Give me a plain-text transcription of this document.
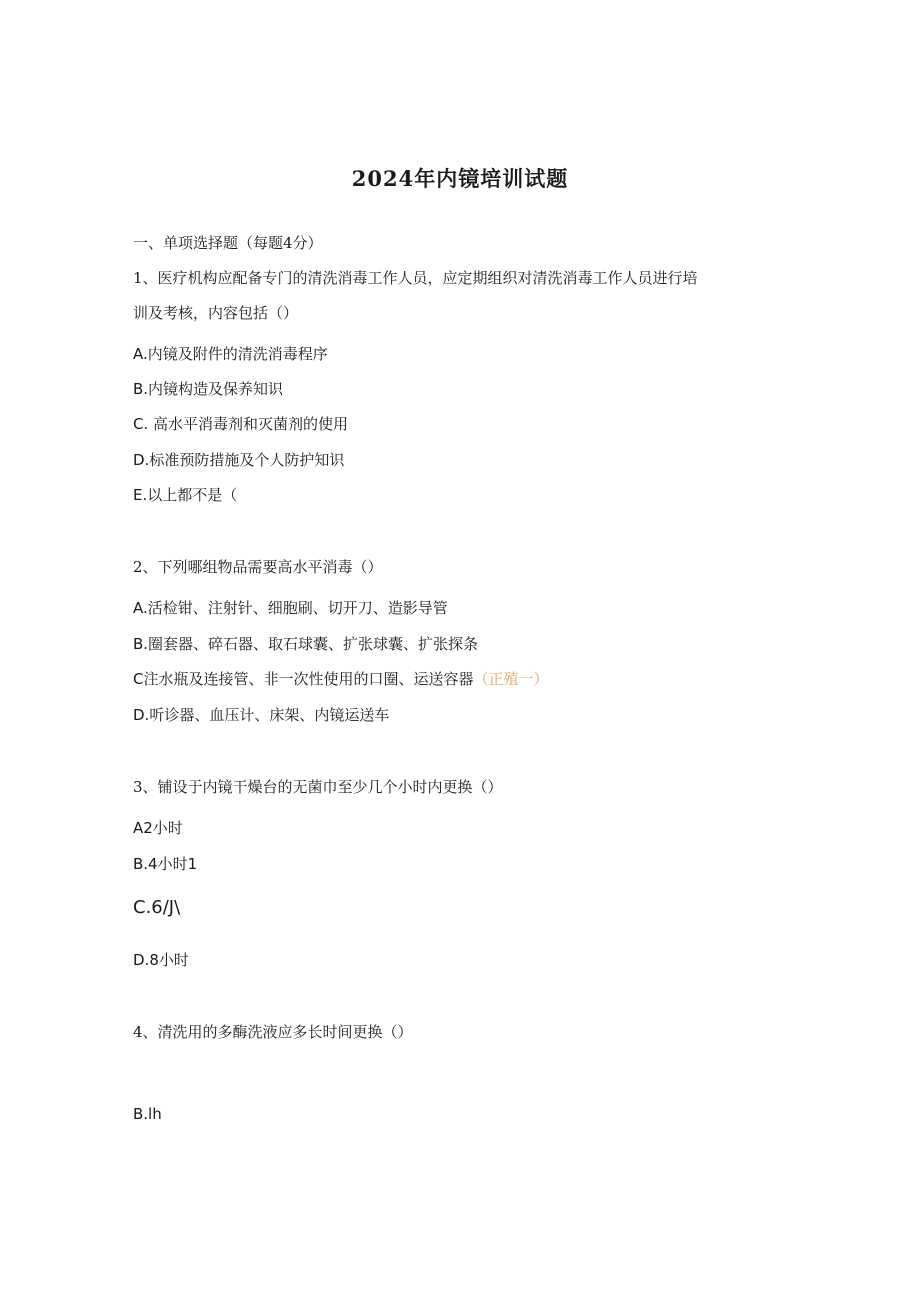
2024年内镜培训试题
一、单项选择题（每题4分）
1、医疗机构应配备专门的清洗消毒工作人员，应定期组织对清洗消毒工作人员进行培
训及考核，内容包括（）
A.内镜及附件的清洗消毒程序
B.内镜构造及保养知识
C. 高水平消毒剂和灭菌剂的使用
D.标准预防措施及个人防护知识
E.以上都不是（
2、下列哪组物品需要高水平消毒（）
A.活检钳、注射针、细胞刷、切开刀、造影导管
B.圈套器、碎石器、取石球囊、扩张球囊、扩张探条
C注水瓶及连接管、非一次性使用的口圈、运送容器（正殖一）
D.听诊器、血压计、床架、内镜运送车
3、铺设于内镜干燥台的无菌巾至少几个小时内更换（）
A2小时
B.4小时1
C.6∕J\
D.8小时
4、清洗用的多酶洗液应多长时间更换（）
B.lh
